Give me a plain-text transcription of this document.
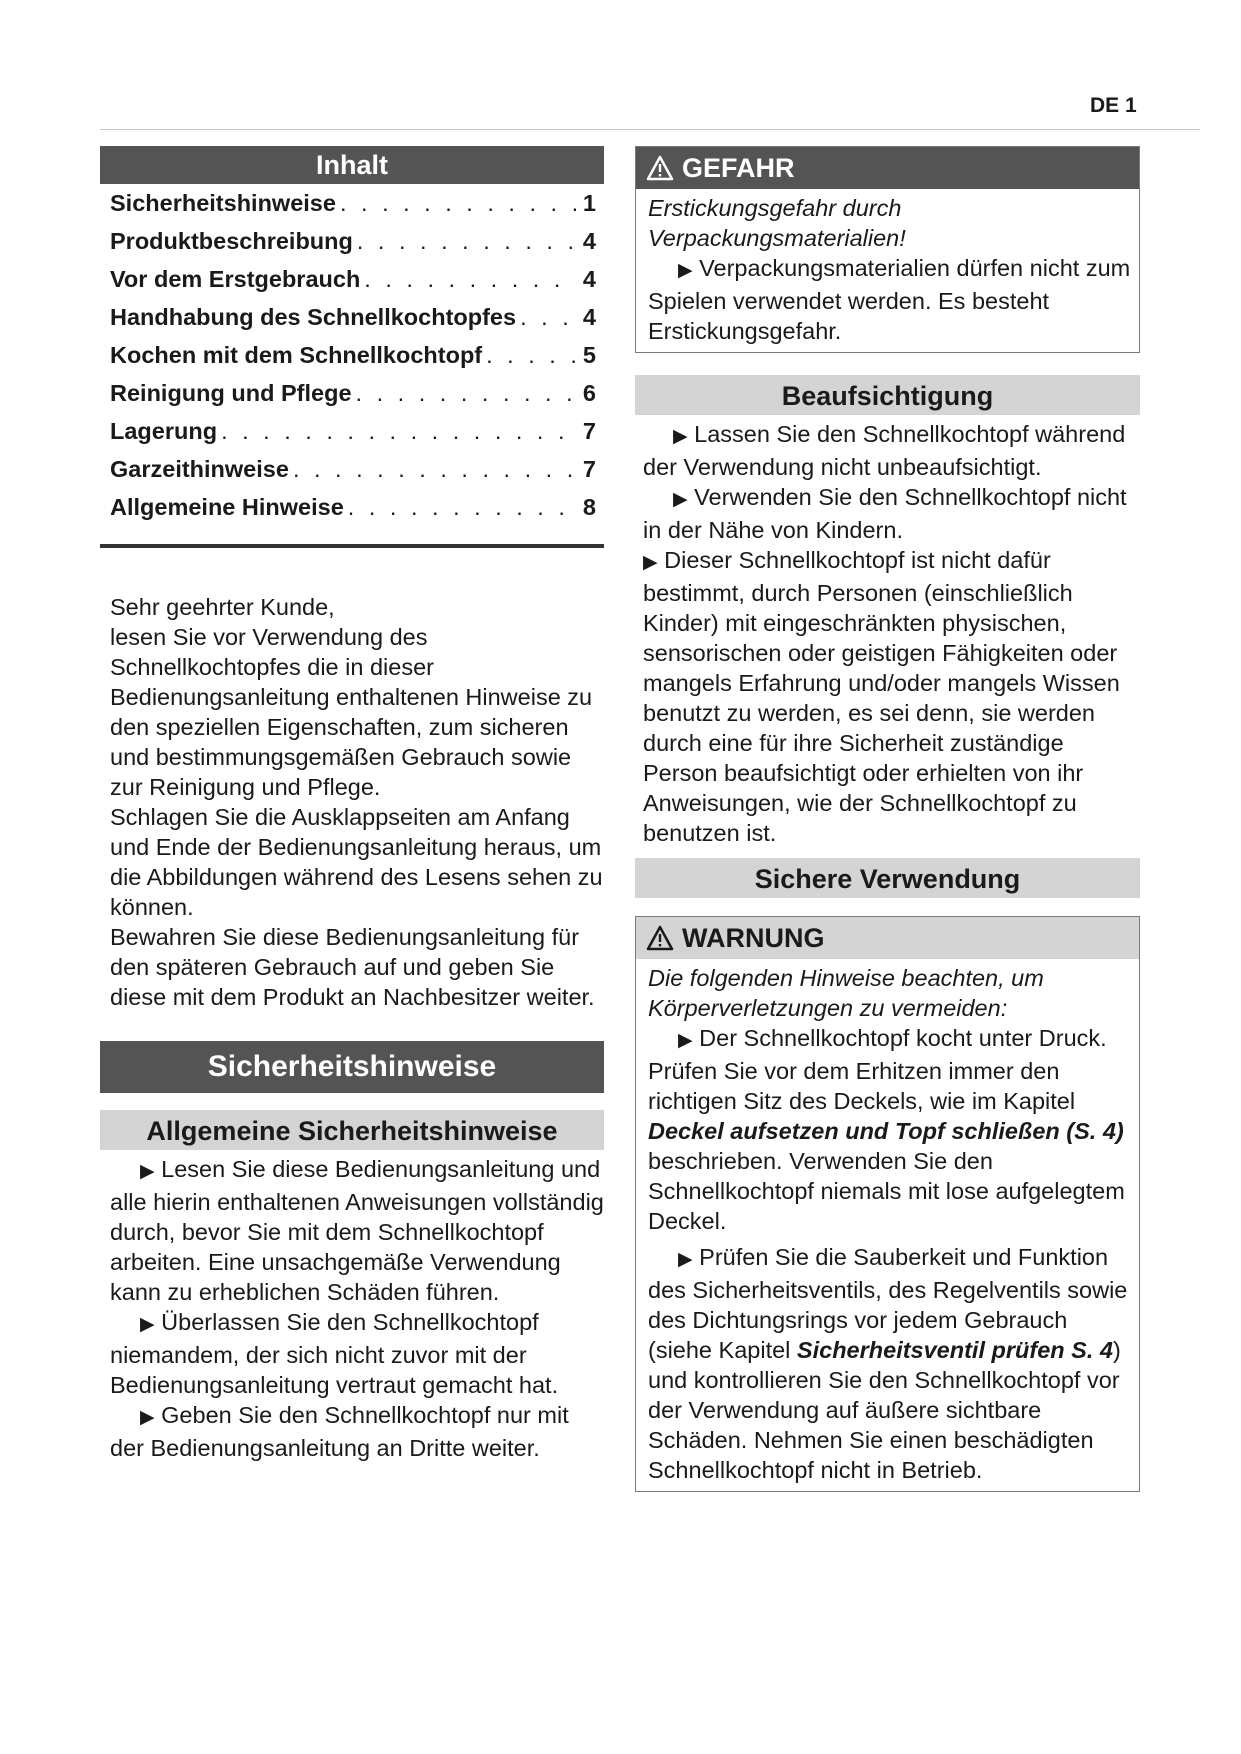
DE 1
Inhalt
Sicherheitshinweise . . .	1
Produktbeschreibung . . .	4
Vor dem Erstgebrauch . . .	4
Handhabung des Schnellkochtopfes . . .	4
Kochen mit dem Schnellkochtopf . . .	5
Reinigung und Pflege . . .	6
Lagerung . . .	7
Garzeithinweise . . .	7
Allgemeine Hinweise . . .	8

Sehr geehrter Kunde,

lesen Sie vor Verwendung des Schnellkochtopfes die in dieser Bedienungsanleitung enthaltenen Hinweise zu den speziellen Eigenschaften, zum sicheren und bestimmungsgemäßen Gebrauch sowie zur Reinigung und Pflege.

Schlagen Sie die Ausklappseiten am Anfang und Ende der Bedienungsanleitung heraus, um die Abbildungen während des Lesens sehen zu können.

Bewahren Sie diese Bedienungsanleitung für den späteren Gebrauch auf und geben Sie diese mit dem Produkt an Nachbesitzer weiter.

Sicherheitshinweise
Allgemeine Sicherheitshinweise

▶ Lesen Sie diese Bedienungsanleitung und alle hierin enthaltenen Anweisungen vollständig durch, bevor Sie mit dem Schnellkochtopf arbeiten. Eine unsachgemäße Verwendung kann zu erheblichen Schäden führen.

▶ Überlassen Sie den Schnellkochtopf niemandem, der sich nicht zuvor mit der Bedienungsanleitung vertraut gemacht hat.

▶ Geben Sie den Schnellkochtopf nur mit der Bedienungsanleitung an Dritte weiter.

GEFAHR

Erstickungsgefahr durch Verpackungsmaterialien!

▶ Verpackungsmaterialien dürfen nicht zum Spielen verwendet werden. Es besteht Erstickungsgefahr.

Beaufsichtigung

▶ Lassen Sie den Schnellkochtopf während der Verwendung nicht unbeaufsichtigt.

▶ Verwenden Sie den Schnellkochtopf nicht in der Nähe von Kindern.

▶ Dieser Schnellkochtopf ist nicht dafür bestimmt, durch Personen (einschließlich Kinder) mit eingeschränkten physischen, sensorischen oder geistigen Fähigkeiten oder mangels Erfahrung und/oder mangels Wissen benutzt zu werden, es sei denn, sie werden durch eine für ihre Sicherheit zuständige Person beaufsichtigt oder erhielten von ihr Anweisungen, wie der Schnellkochtopf zu benutzen ist.

Sichere Verwendung
WARNUNG

Die folgenden Hinweise beachten, um Körperverletzungen zu vermeiden:

▶ Der Schnellkochtopf kocht unter Druck. Prüfen Sie vor dem Erhitzen immer den richtigen Sitz des Deckels, wie im Kapitel Deckel aufsetzen und Topf schließen (S. 4) beschrieben. Verwenden Sie den Schnellkochtopf niemals mit lose aufgelegtem Deckel.

▶ Prüfen Sie die Sauberkeit und Funktion des Sicherheitsventils, des Regelventils sowie des Dichtungsrings vor jedem Gebrauch (siehe Kapitel Sicherheitsventil prüfen S. 4) und kontrollieren Sie den Schnellkochtopf vor der Verwendung auf äußere sichtbare Schäden. Nehmen Sie einen beschädigten Schnellkochtopf nicht in Betrieb.
